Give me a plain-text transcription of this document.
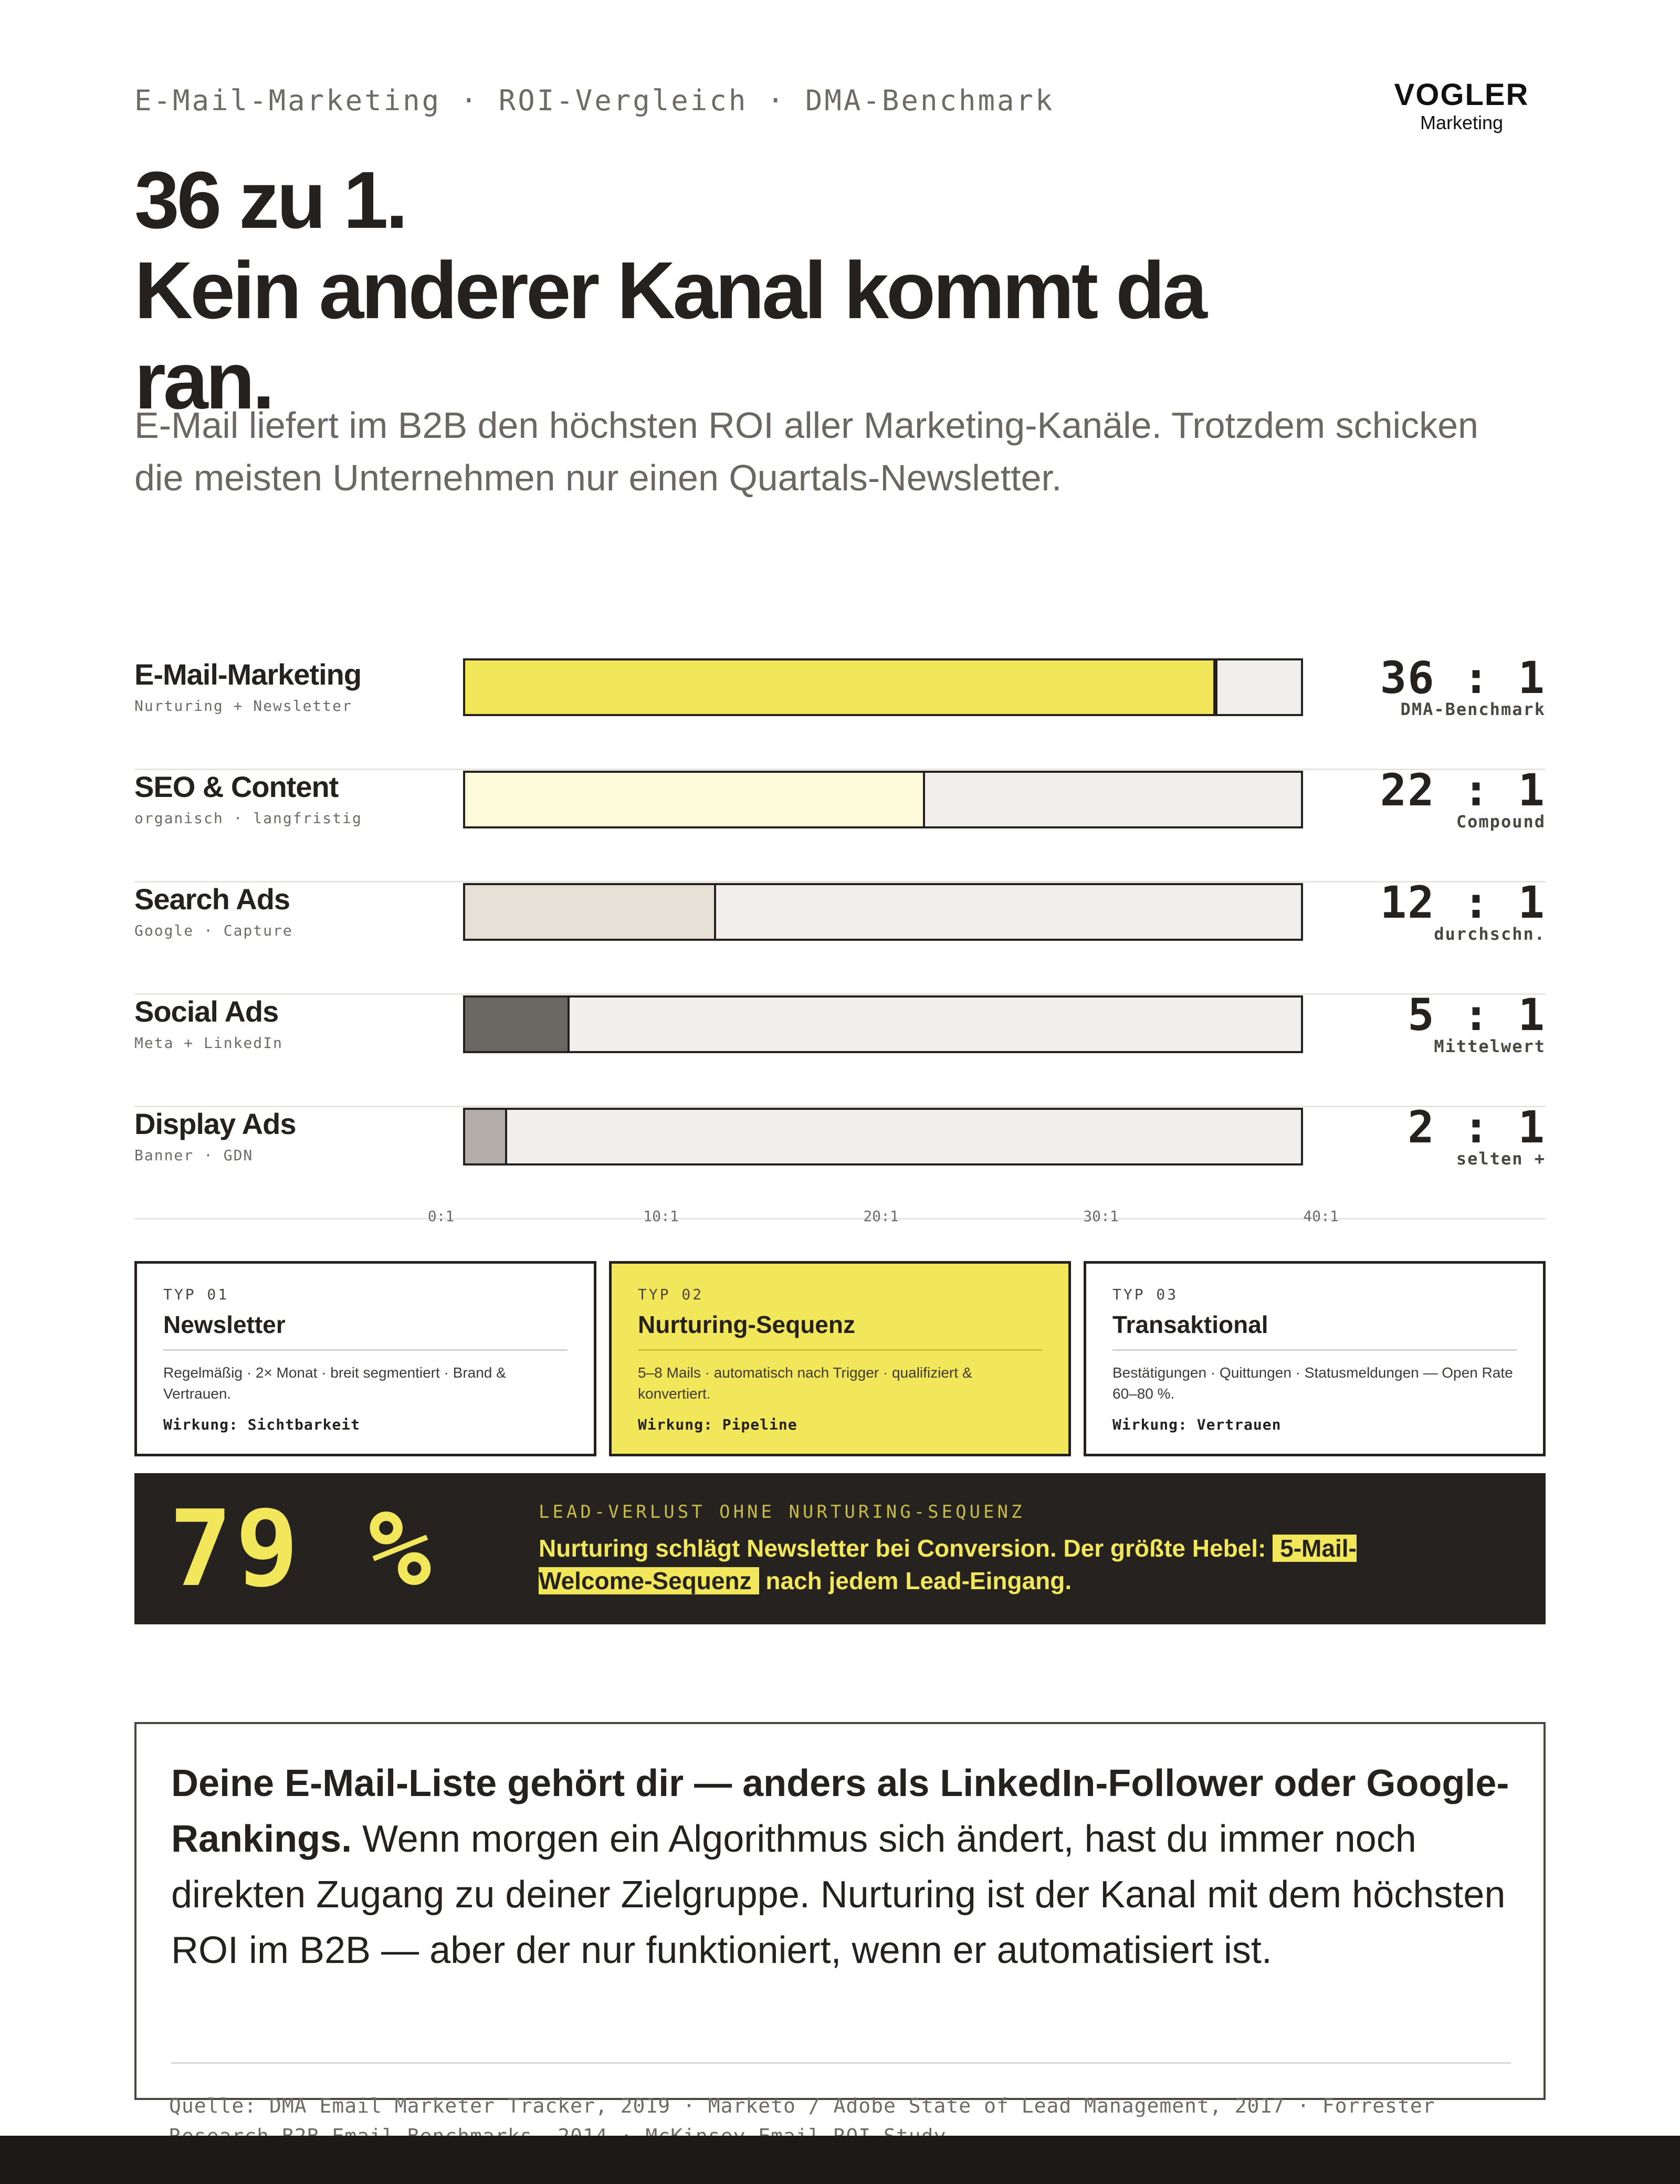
E-Mail-Marketing · ROI-Vergleich · DMA-Benchmark	VOGLER
Marketing
36 zu 1.
Kein anderer Kanal kommt da ran.
E-Mail liefert im B2B den höchsten ROI aller Marketing-Kanäle. Trotzdem schicken die meisten Unternehmen nur einen Quartals-Newsletter.
E-Mail-Marketing
Nurturing + Newsletter
36 : 1
DMA-Benchmark
SEO & Content
organisch · langfristig
22 : 1
Compound
Search Ads
Google · Capture
12 : 1
durchschn.
Social Ads
Meta + LinkedIn
5 : 1
Mittelwert
Display Ads
Banner · GDN
2 : 1
selten +
0:1	10:1	20:1	30:1	40:1
TYP 01
Newsletter
Regelmäßig · 2× Monat · breit segmentiert · Brand & Vertrauen.
Wirkung: Sichtbarkeit
TYP 02
Nurturing-Sequenz
5–8 Mails · automatisch nach Trigger · qualifiziert & konvertiert.
Wirkung: Pipeline
TYP 03
Transaktional
Bestätigungen · Quittungen · Statusmeldungen — Open Rate 60–80 %.
Wirkung: Vertrauen
79 %	LEAD-VERLUST OHNE NURTURING-SEQUENZ
Nurturing schlägt Newsletter bei Conversion. Der größte Hebel: 5-Mail-Welcome-Sequenz nach jedem Lead-Eingang.
Deine E-Mail-Liste gehört dir — anders als LinkedIn-Follower oder Google-Rankings. Wenn morgen ein Algorithmus sich ändert, hast du immer noch direkten Zugang zu deiner Zielgruppe. Nurturing ist der Kanal mit dem höchsten ROI im B2B — aber der nur funktioniert, wenn er automatisiert ist.
Quelle: DMA Email Marketer Tracker, 2019 · Marketo / Adobe State of Lead Management, 2017 · Forrester
